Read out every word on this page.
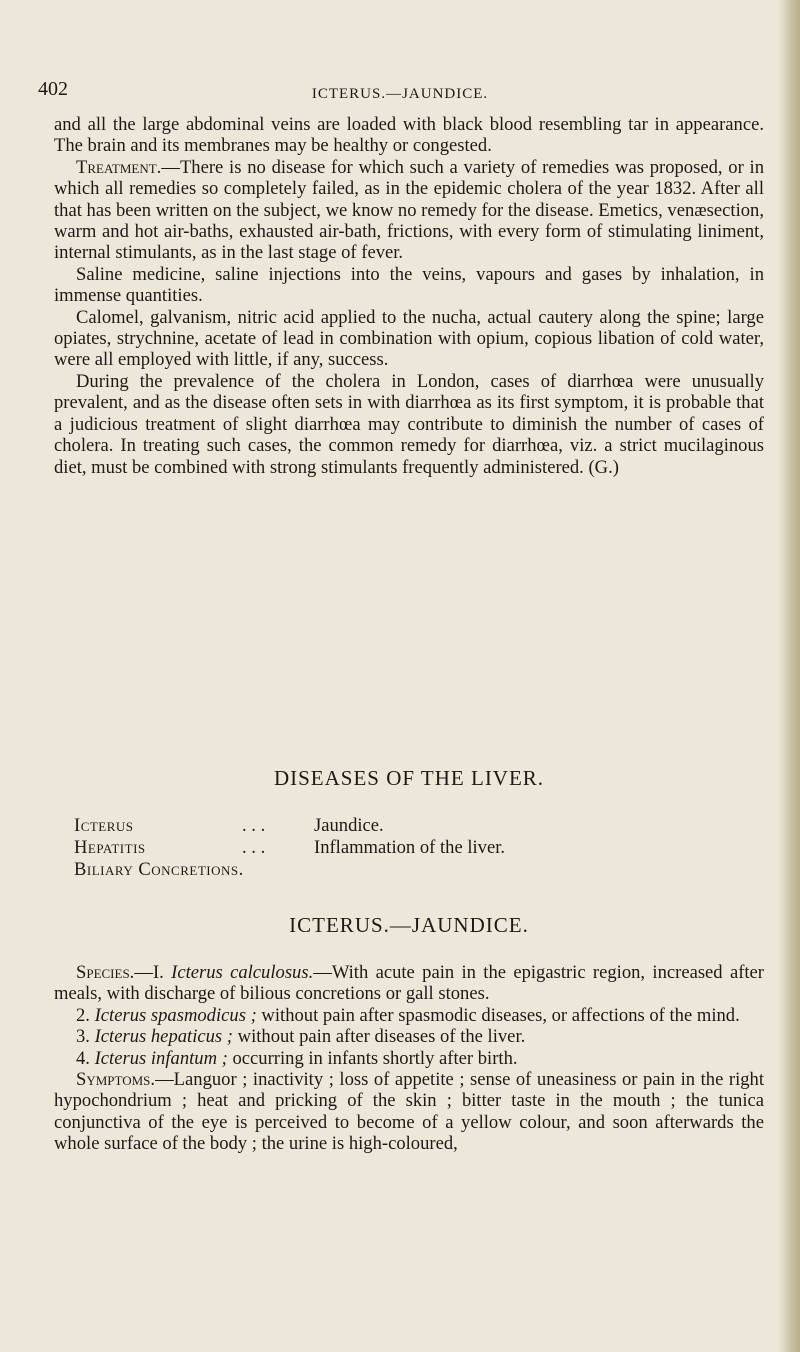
402	ICTERUS.—JAUNDICE.

and all the large abdominal veins are loaded with black blood resembling tar in appearance. The brain and its membranes may be healthy or congested.

Treatment.—There is no disease for which such a variety of remedies was proposed, or in which all remedies so completely failed, as in the epidemic cholera of the year 1832. After all that has been written on the subject, we know no remedy for the disease. Emetics, venæsection, warm and hot air-baths, exhausted air-bath, frictions, with every form of stimulating liniment, internal stimulants, as in the last stage of fever.

Saline medicine, saline injections into the veins, vapours and gases by inhalation, in immense quantities.

Calomel, galvanism, nitric acid applied to the nucha, actual cautery along the spine; large opiates, strychnine, acetate of lead in combination with opium, copious libation of cold water, were all employed with little, if any, success.

During the prevalence of the cholera in London, cases of diarrhœa were unusually prevalent, and as the disease often sets in with diarrhœa as its first symptom, it is probable that a judicious treatment of slight diarrhœa may contribute to diminish the number of cases of cholera. In treating such cases, the common remedy for diarrhœa, viz. a strict mucilaginous diet, must be combined with strong stimulants frequently administered. (G.)

DISEASES OF THE LIVER.
Icterus	. . .	Jaundice.
Hepatitis	. . .	Inflammation of the liver.
Biliary Concretions.
ICTERUS.—JAUNDICE.

Species.—I. Icterus calculosus.—With acute pain in the epigastric region, increased after meals, with discharge of bilious concretions or gall stones.

2. Icterus spasmodicus ; without pain after spasmodic diseases, or affections of the mind.

3. Icterus hepaticus ; without pain after diseases of the liver.

4. Icterus infantum ; occurring in infants shortly after birth.

Symptoms.—Languor ; inactivity ; loss of appetite ; sense of uneasiness or pain in the right hypochondrium ; heat and pricking of the skin ; bitter taste in the mouth ; the tunica conjunctiva of the eye is perceived to become of a yellow colour, and soon afterwards the whole surface of the body ; the urine is high-coloured,
